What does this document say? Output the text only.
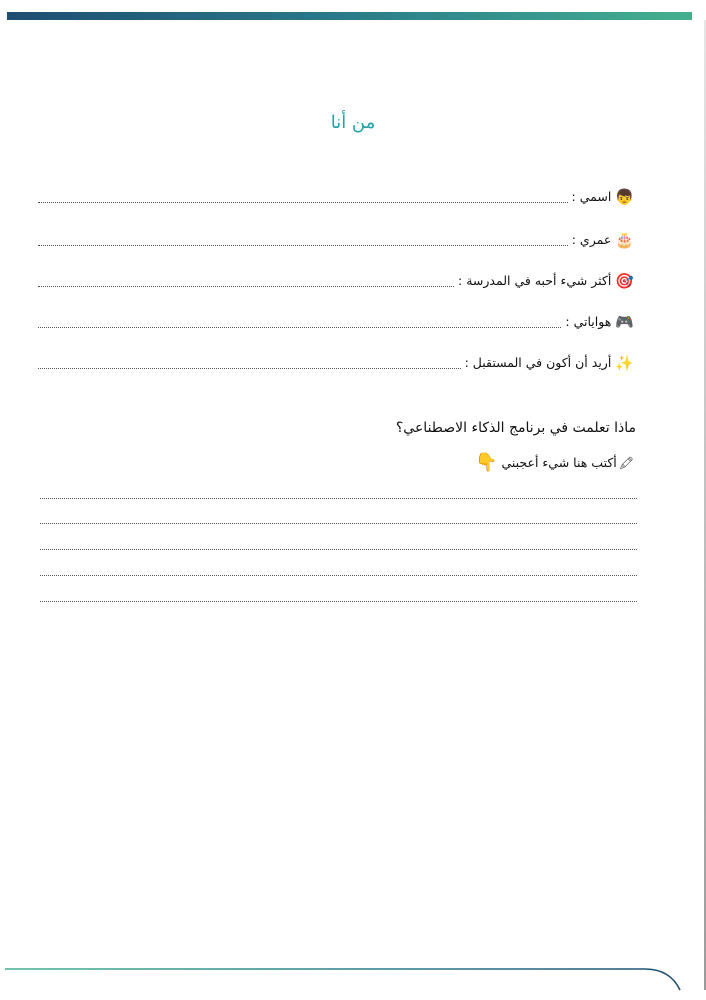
من أنا
👦
اسمي :
🎂
عمري :
🎯
أكثر شيء أحبه في المدرسة :
🎮
هواياتي :
✨
أريد أن أكون في المستقبل :
ماذا تعلمت في برنامج الذكاء الاصطناعي؟
🖍
أكتب هنا شيء أعجبني
👇
